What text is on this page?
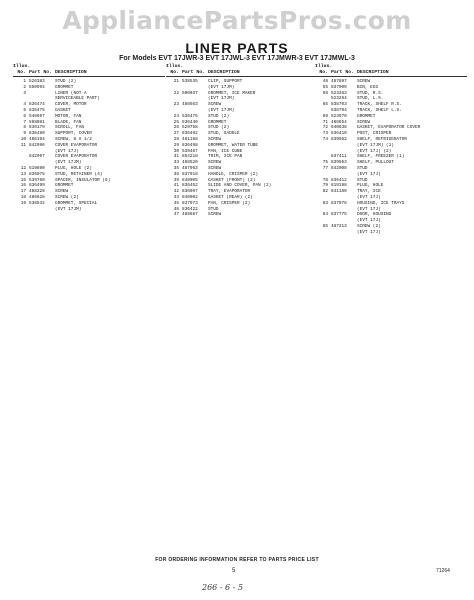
AppliancePartsPros.com
LINER PARTS
For Models EVT 17JWR-3 EVT 17JWL-3 EVT 17JMWR-3 EVT 17JMWL-3
Illus. No. Part No. DESCRIPTION
1 526383	STUD (2)
2 650994	GROMMET
3	LINER (NOT A
SERVICEABLE PART)
4 836474	COVER, MOTOR
5 836475	GASKET
6 548697	MOTOR, FAN
7 568081	BLADE, FAN
8 836179	SCROLL, FAN
9 836480	SUPPORT, COVER
10 486194	SCREW, 8 X 1/2
11 842996	COVER EVAPORATOR
(EVT 17J)
842997	COVER EVAPORATOR
(EVT 17JM)
12 519890	PLUG, HOLE (2)
13 836078	STUD, RETAINER (4)
15 539760	SPACER, INSULATOR (6)
16 836499	GROMMET
17 488228	SCREW
18 486628	SCREW (2)
19 538532	GROMMET, SPECIAL
(EVT 17JM)
Illus. No. Part No. DESCRIPTION
21 538535	CLIP, SUPPORT
(EVT 17JM)
22 500037	GROMMET, ICE MAKER
(EVT 17JM)
23 488563	SCREW
(EVT 17JM)
24 536475	STUD (2)
25 536440	GROMMET
26 529758	STUD (2)
27 836492	STUD, SADDLE
28 481168	SCREW
29 836498	GROMMET, WATER TUBE
30 539467	PAN, ICE CUBE
31 854218	TRIM, ICE PAN
33 488520	SCREW
35 487963	SCREW
36 837918	HANDLE, CRISPER (2)
39 840005	GASKET (FRONT) (2)
41 836452	SLIDE AND COVER, PAN (2)
42 836097	TRAY, EVAPORATOR
43 840002	GASKET (REAR) (2)
45 837973	PAN, CRISPER (2)
46 836422	STUD
47 488687	SCREW
Illus. No. Part No. DESCRIPTION
48 487897	SCREW
55 837900	BIN, EGG
58 523263	STUD, R.S.
523264	STUD, L.S.
65 838703	TRACK, SHELF R.S.
838704	TRACK, SHELF L.S.
69 523970	GROMMET
71 488654	SCREW
72 840838	GASKET, EVAPORATOR COVER
73 836410	POST, CRISPER
74 839562	SHELF, REFRIGERATOR
(EVT 17JM) (1)
(EVT 17J) (2)
837411	SHELF, FREEZER (1)
75 839563	SHELF, PULLOUT
77 842008	STUD
(EVT 17J)
78 836412	STUD
79 819198	PLUG, HOLE
82 841180	TRAY, ICE
(EVT 17J)
83 837078	HOUSING, ICE TRAYS
(EVT 17J)
84 837775	DOOR, HOUSING
(EVT 17J)
85 487213	SCREW (2)
(EVT 17J)
FOR ORDERING INFORMATION REFER TO PARTS PRICE LIST
5	71264
266 - 6 - 5
